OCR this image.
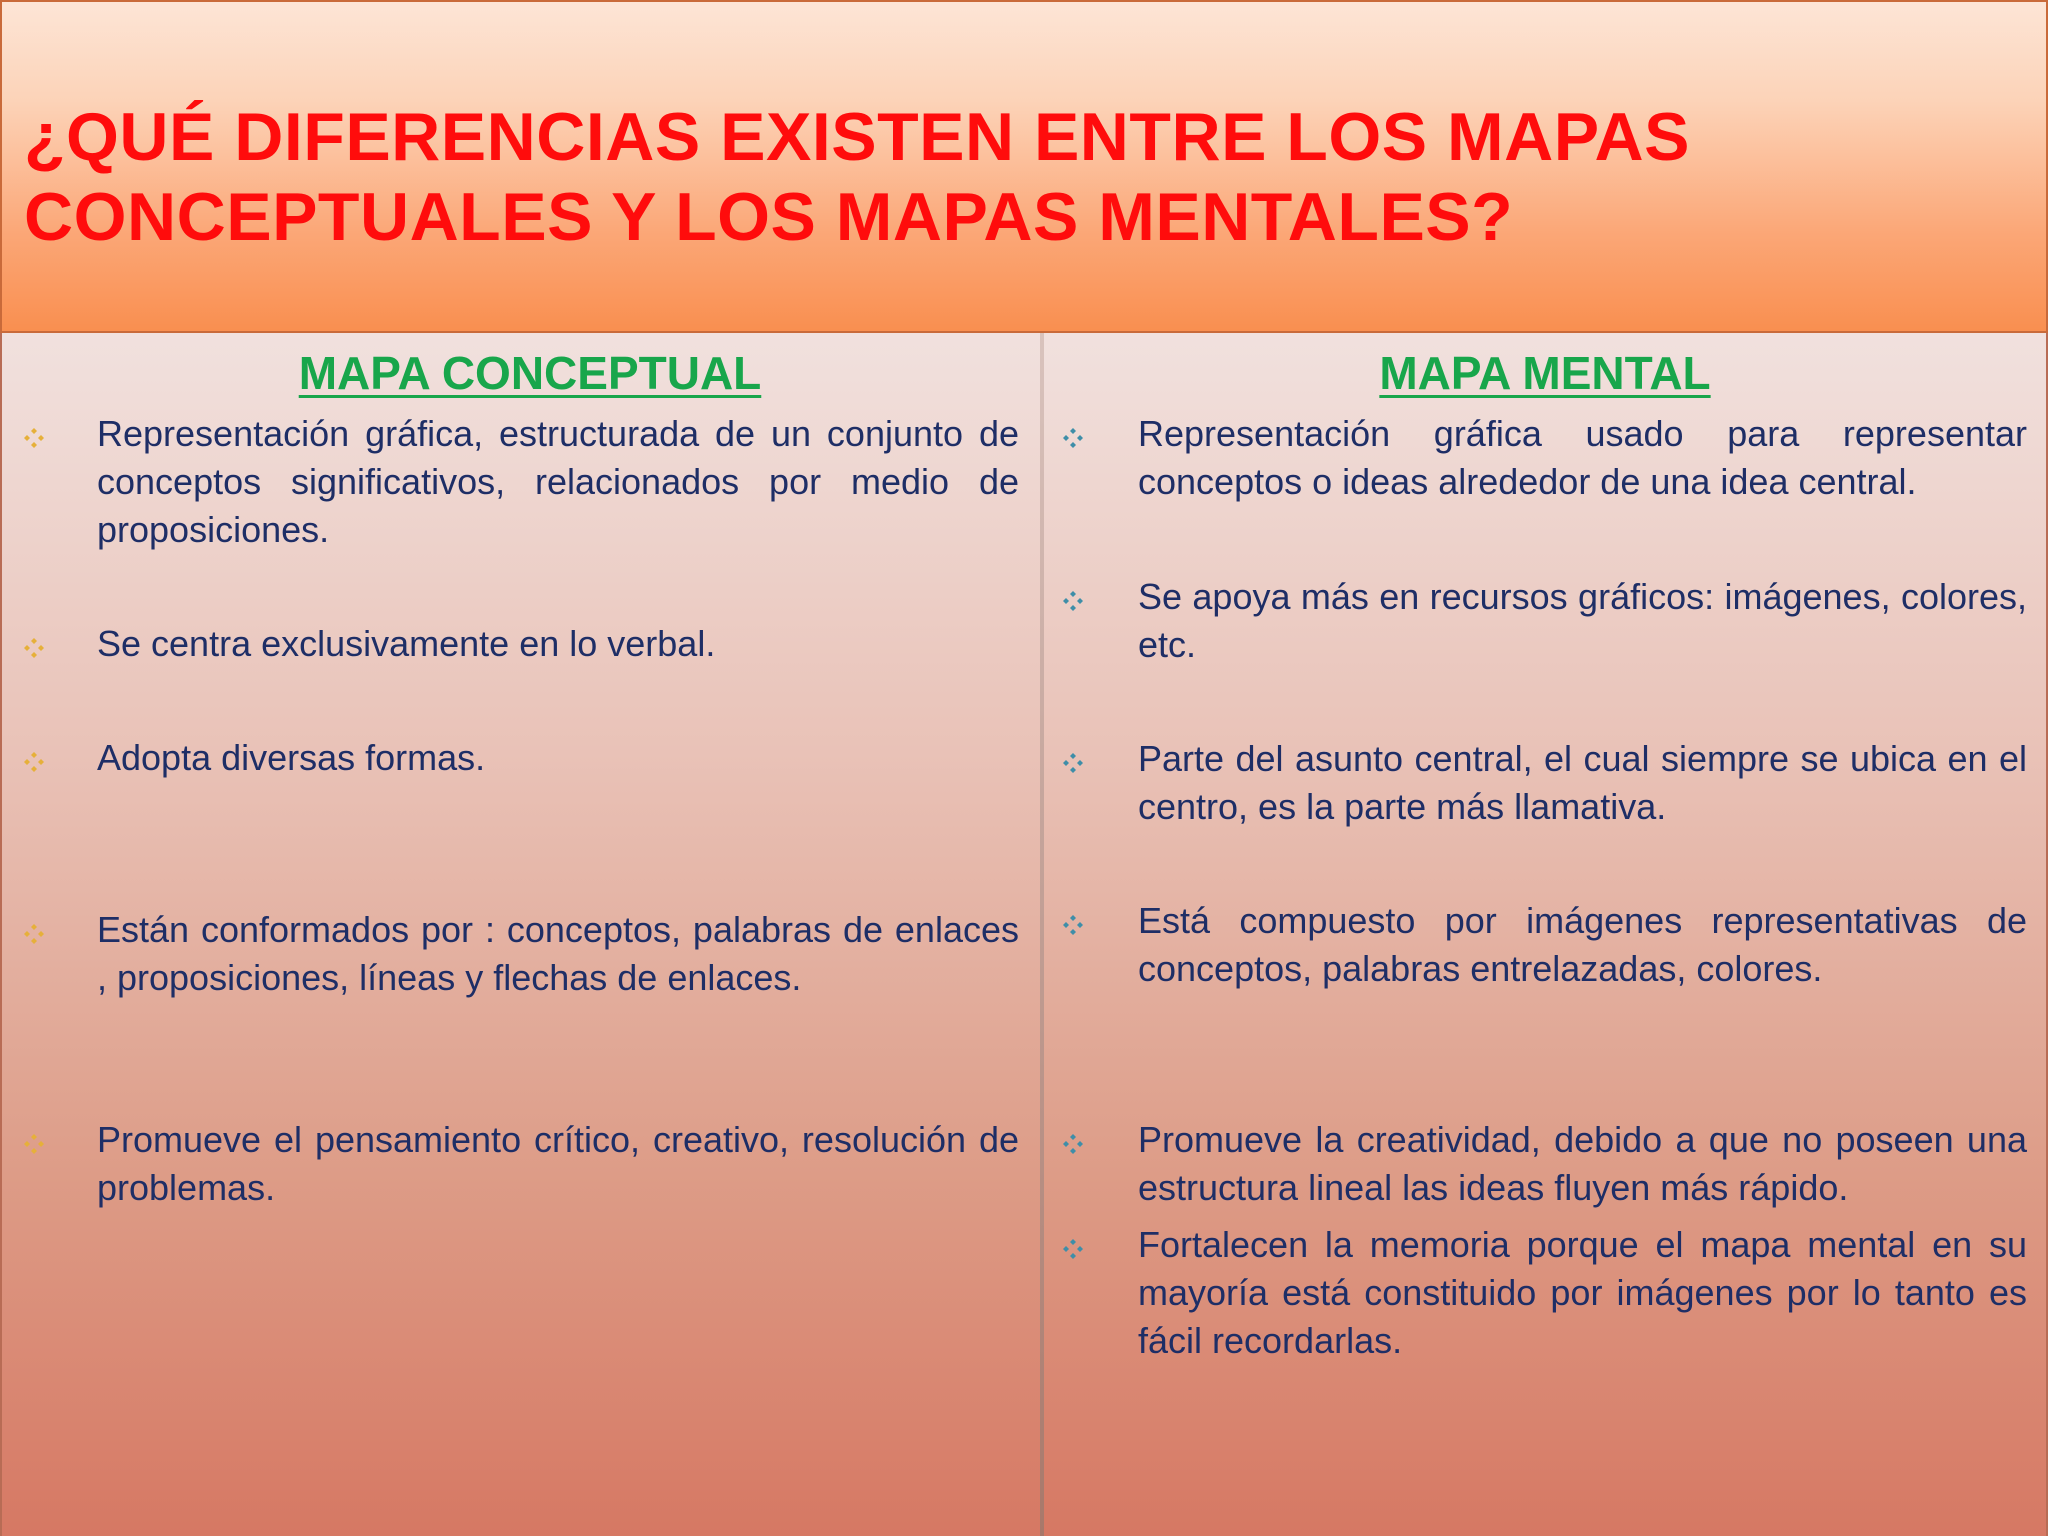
¿QUÉ DIFERENCIAS EXISTEN ENTRE LOS MAPAS CONCEPTUALES Y LOS MAPAS MENTALES?
MAPA CONCEPTUAL	MAPA MENTAL
Representación gráfica, estructurada de un conjunto de conceptos significativos, relacionados por medio de proposiciones.
Se centra exclusivamente en lo verbal.
Adopta diversas formas.
Están conformados por : conceptos, palabras de enlaces , proposiciones, líneas y flechas de enlaces.
Promueve el pensamiento crítico, creativo, resolución de problemas.
Representación gráfica usado para representar conceptos o ideas alrededor de una idea central.
Se apoya más en recursos gráficos: imágenes, colores, etc.
Parte del asunto central, el cual siempre se ubica en el centro, es la parte más llamativa.
Está compuesto por imágenes representativas de conceptos, palabras entrelazadas, colores.
Promueve la creatividad, debido a que no poseen una estructura lineal las ideas fluyen más rápido.
Fortalecen la memoria porque el mapa mental en su mayoría está constituido por imágenes por lo tanto es fácil recordarlas.
